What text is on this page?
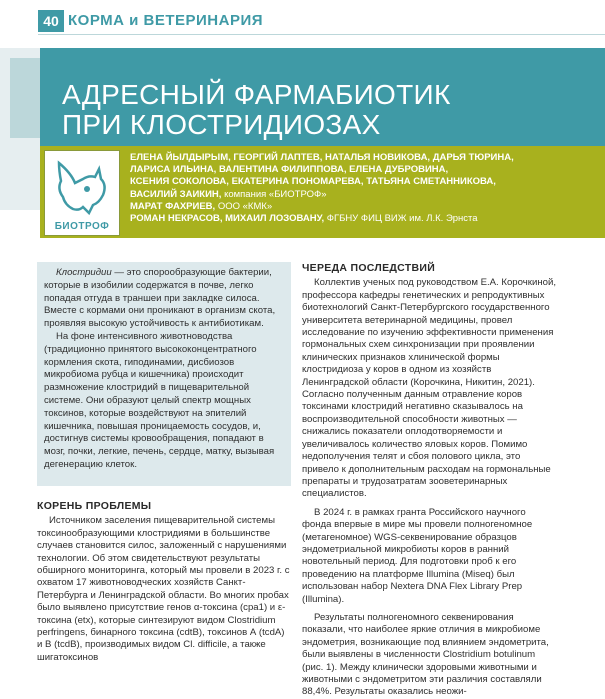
40 КОРМА и ВЕТЕРИНАРИЯ
АДРЕСНЫЙ ФАРМАБИОТИК
ПРИ КЛОСТРИДИОЗАХ
БИОТРОФ
ЕЛЕНА ЙЫЛДЫРЫМ, ГЕОРГИЙ ЛАПТЕВ, НАТАЛЬЯ НОВИКОВА, ДАРЬЯ ТЮРИНА,
ЛАРИСА ИЛЬИНА, ВАЛЕНТИНА ФИЛИППОВА, ЕЛЕНА ДУБРОВИНА,
КСЕНИЯ СОКОЛОВА, ЕКАТЕРИНА ПОНОМАРЕВА, ТАТЬЯНА СМЕТАННИКОВА,
ВАСИЛИЙ ЗАИКИН, компания «БИОТРОФ»
МАРАТ ФАХРИЕВ, ООО «КМК»
РОМАН НЕКРАСОВ, МИХАИЛ ЛОЗОВАНУ, ФГБНУ ФИЦ ВИЖ им. Л.К. Эрнста

Клостридии — это спорообразующие бактерии, которые в изобилии содержатся в почве, легко попадая отгуда в траншеи при закладке силоса. Вместе с кормами они проникают в организм скота, проявляя высокую устойчивость к антибиотикам.

На фоне интенсивного животноводства (традиционно принятого высококонцентратного кормления скота, гиподинамии, дисбиозов микробиома рубца и кишечника) происходит размножение клостридий в пищеварительной системе. Они образуют целый спектр мощных токсинов, которые воздействуют на эпителий кишечника, повышая проницаемость сосудов, и, достигнув системы кровообращения, попадают в мозг, почки, легкие, печень, сердце, матку, вызывая дегенерацию клеток.

КОРЕНЬ ПРОБЛЕМЫ

Источником заселения пищеварительной системы токсинообразующими клостридиями в большинстве случаев становится силос, заложенный с нарушениями технологии. Об этом свидетельствуют результаты обширного мониторинга, который мы провели в 2023 г. с охватом 17 животноводческих хозяйств Санкт-Петербурга и Ленинградской области. Во многих пробах было выявлено присутствие генов α-токсина (cpa1) и ε-токсина (etx), которые синтезируют видом Clostridium perfringens, бинарного токсина (cdtB), токсинов А (tcdA) и В (tcdB), производимых видом Cl. difficile, а также шигатоксинов

ЧЕРЕДА ПОСЛЕДСТВИЙ

Коллектив ученых под руководством Е.А. Корочкиной, профессора кафедры генетических и репродуктивных биотехнологий Санкт-Петербургского государственного университета ветеринарной медицины, провел исследование по изучению эффективности применения гормональных схем синхронизации при проявлении клинических признаков хлинической формы клостридиоза у коров в одном из хозяйств Ленинградской области (Корочкина, Никитин, 2021). Согласно полученным данным отравление коров токсинами клостридий негативно сказывалось на воспроизводительной способности животных — снижались показатели оплодотворяемости и увеличивалось количество яловых коров. Помимо недополучения телят и сбоя полового цикла, это привело к дополнительным расходам на гормональные препараты и трудозатратам зооветеринарных специалистов.

В 2024 г. в рамках гранта Российского научного фонда впервые в мире мы провели полногеномное (метагеномное) WGS-секвенирование образцов эндометриальной микробиоты коров в ранний новотельный период. Для подготовки проб к его проведению на платформе Illumina (Miseq) был использован набор Nextera DNA Flex Library Prep (Illumina).

Результаты полногеномного секвенирования показали, что наиболее яркие отличия в микробиоме эндометрия, возникающие под влиянием эндометрита, были выявлены в численности Clostridium botulinum (рис. 1). Между клинически здоровыми животными и животными с эндометритом эти различия составляли 88,4%. Результаты оказались неожи-
